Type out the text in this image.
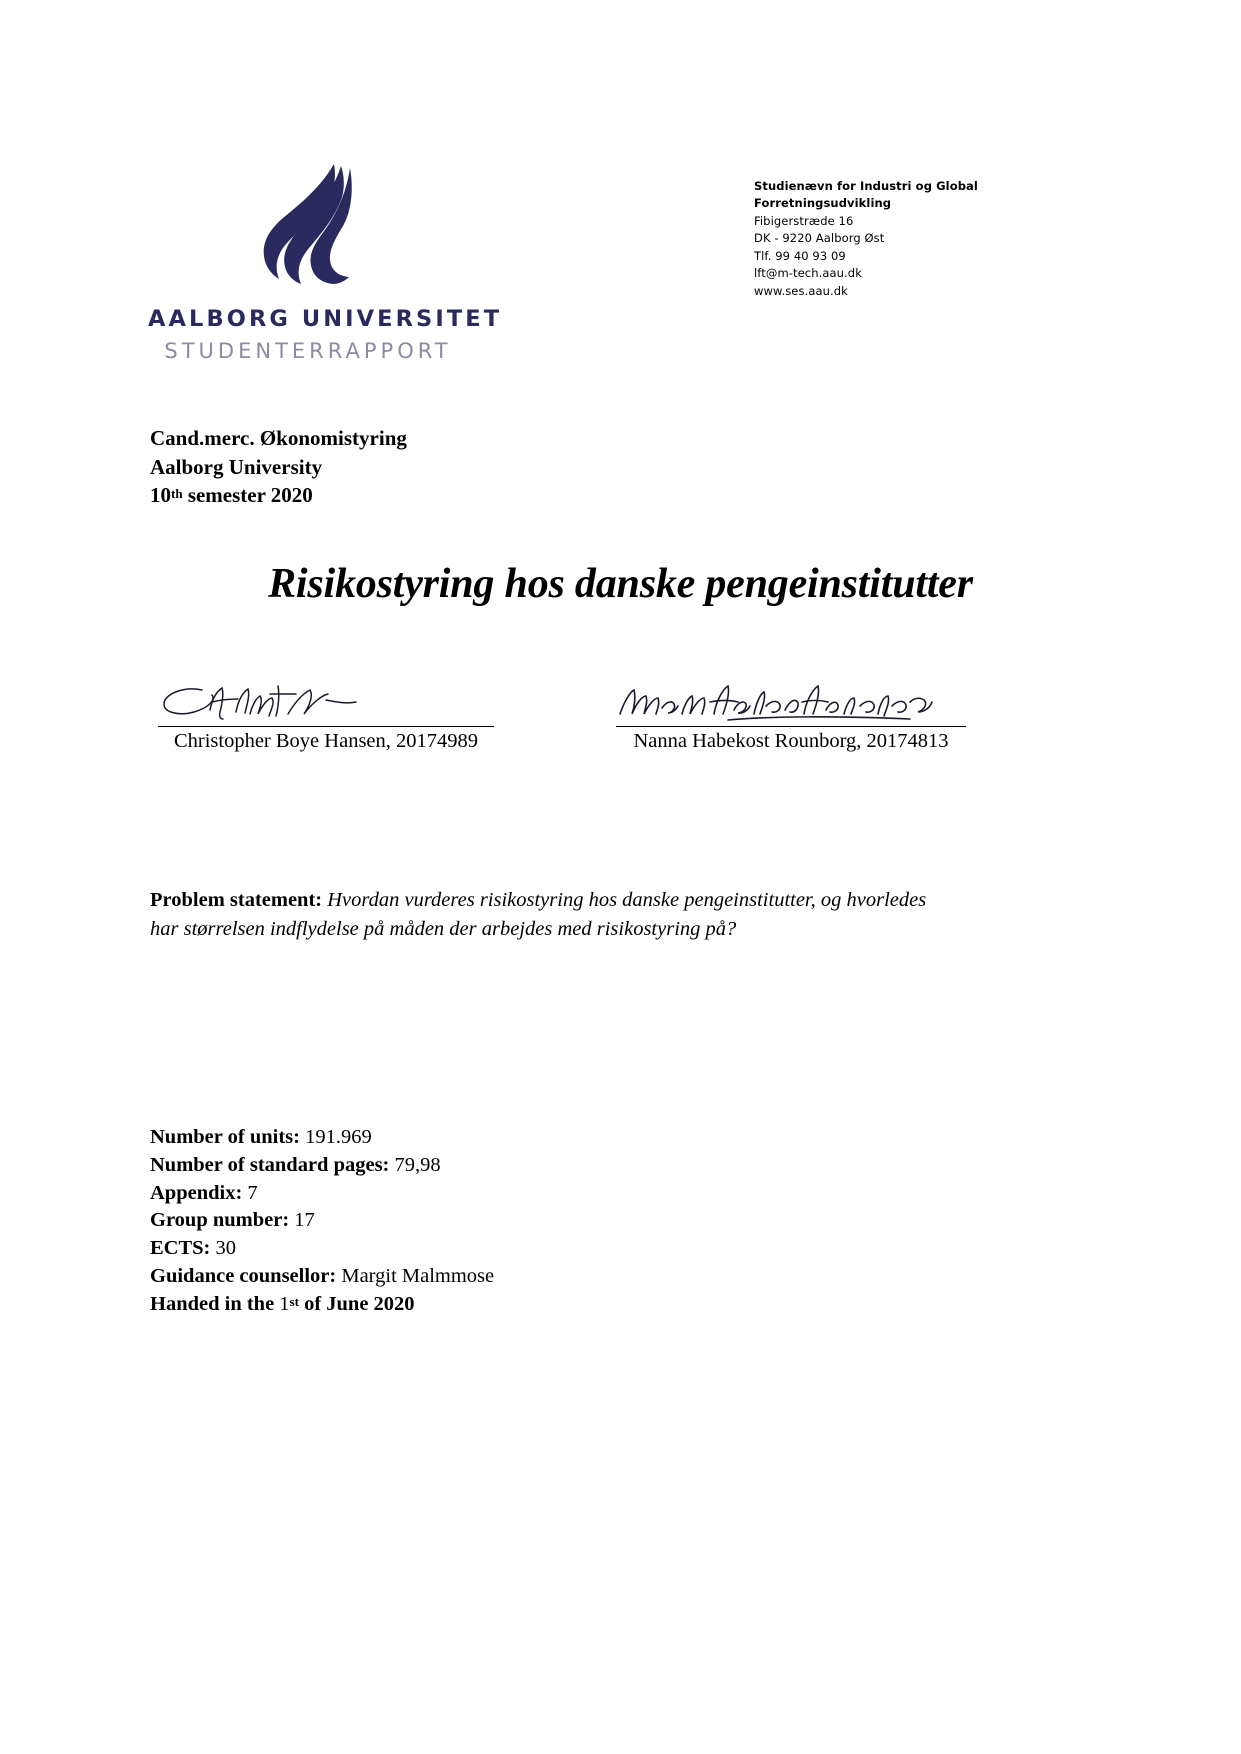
AALBORG UNIVERSITET
STUDENTERRAPPORT
Studienævn for Industri og Global
Forretningsudvikling
Fibigerstræde 16
DK - 9220 Aalborg Øst
Tlf. 99 40 93 09
lft@m-tech.aau.dk
www.ses.aau.dk
Cand.merc. Økonomistyring
Aalborg University
10th semester 2020
Risikostyring hos danske pengeinstitutter
Christopher Boye Hansen, 20174989	Nanna Habekost Rounborg, 20174813
Problem statement: Hvordan vurderes risikostyring hos danske pengeinstitutter, og hvorledes har størrelsen indflydelse på måden der arbejdes med risikostyring på?
Number of units: 191.969
Number of standard pages: 79,98
Appendix: 7
Group number: 17
ECTS: 30
Guidance counsellor: Margit Malmmose
Handed in the 1st of June 2020
